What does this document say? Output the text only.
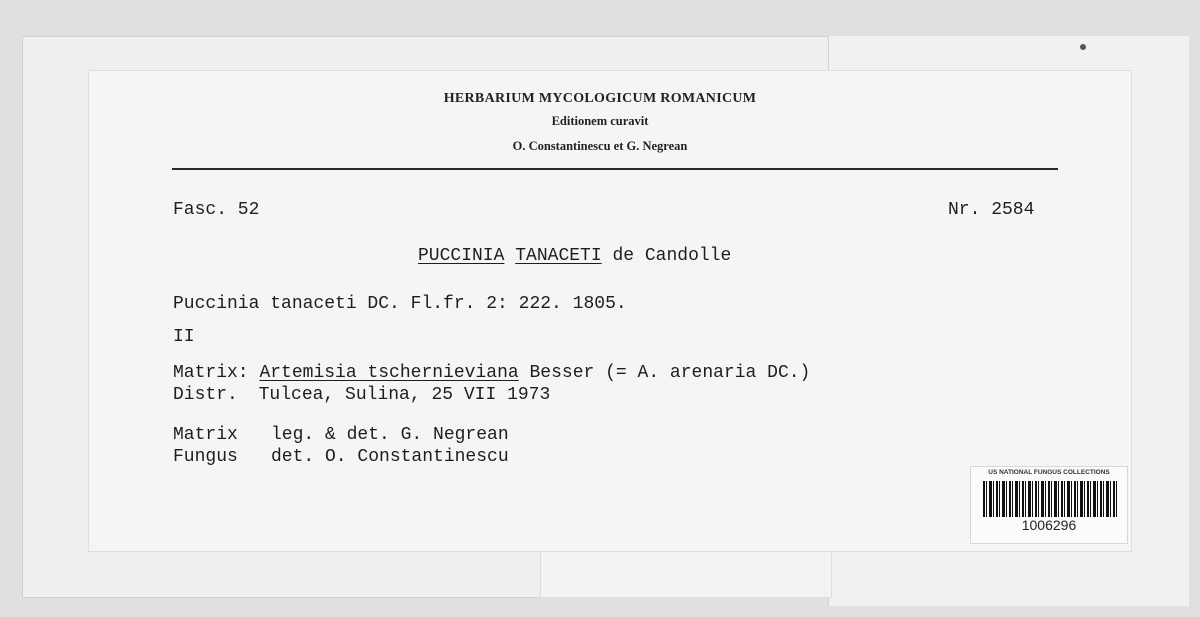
HERBARIUM MYCOLOGICUM ROMANICUM
Editionem curavit
O. Constantinescu et G. Negrean
Fasc. 52	Nr. 2584
PUCCINIA TANACETI de Candolle
Puccinia tanaceti DC. Fl.fr. 2: 222. 1805.
II
Matrix: Artemisia tschernieviana Besser (= A. arenaria DC.)
Distr. Tulcea, Sulina, 25 VII 1973
Matrix leg. & det. G. Negrean
Fungus det. O. Constantinescu
US NATIONAL FUNGUS COLLECTIONS
1006296
